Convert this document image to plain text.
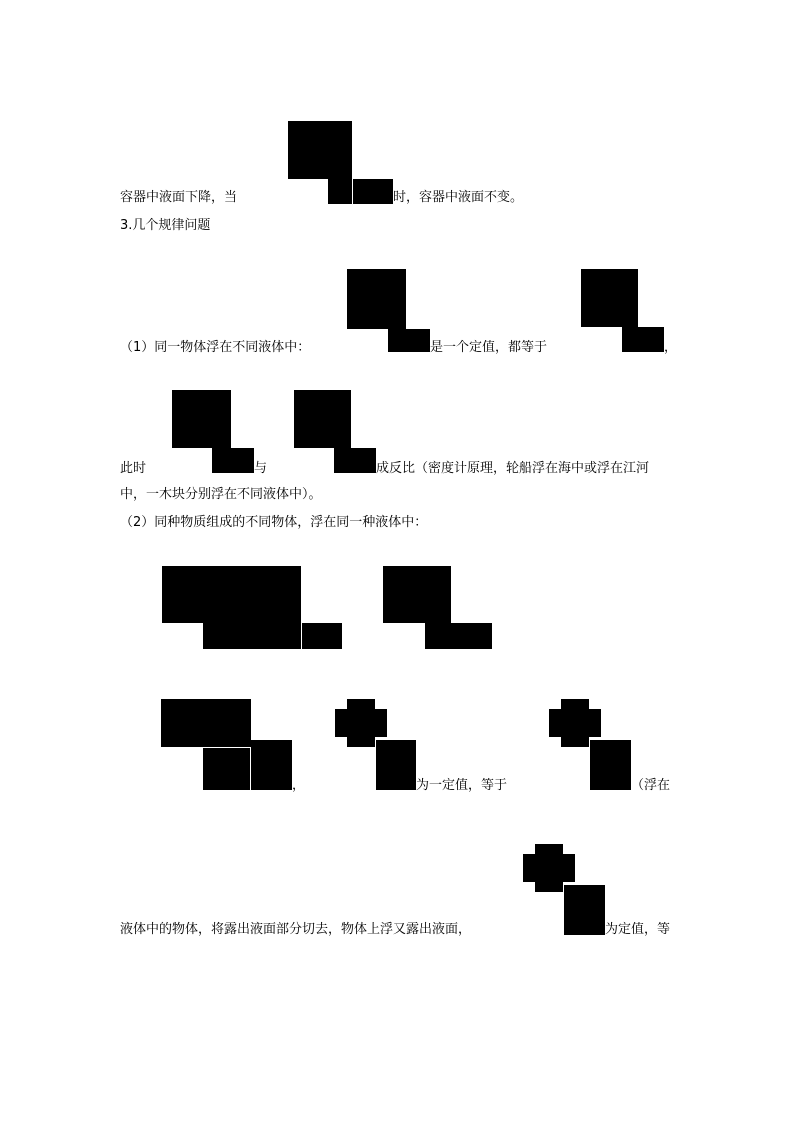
容器中液面下降，当	时，容器中液面不变。
3.几个规律问题
（1）同一物体浮在不同液体中：	是一个定值，都等于	，
此时	与	成反比（密度计原理，轮船浮在海中或浮在江河
中，一木块分别浮在不同液体中）。
（2）同种物质组成的不同物体，浮在同一种液体中：
，	为一定值，等于	（浮在
液体中的物体，将露出液面部分切去，物体上浮又露出液面，	为定值，等
